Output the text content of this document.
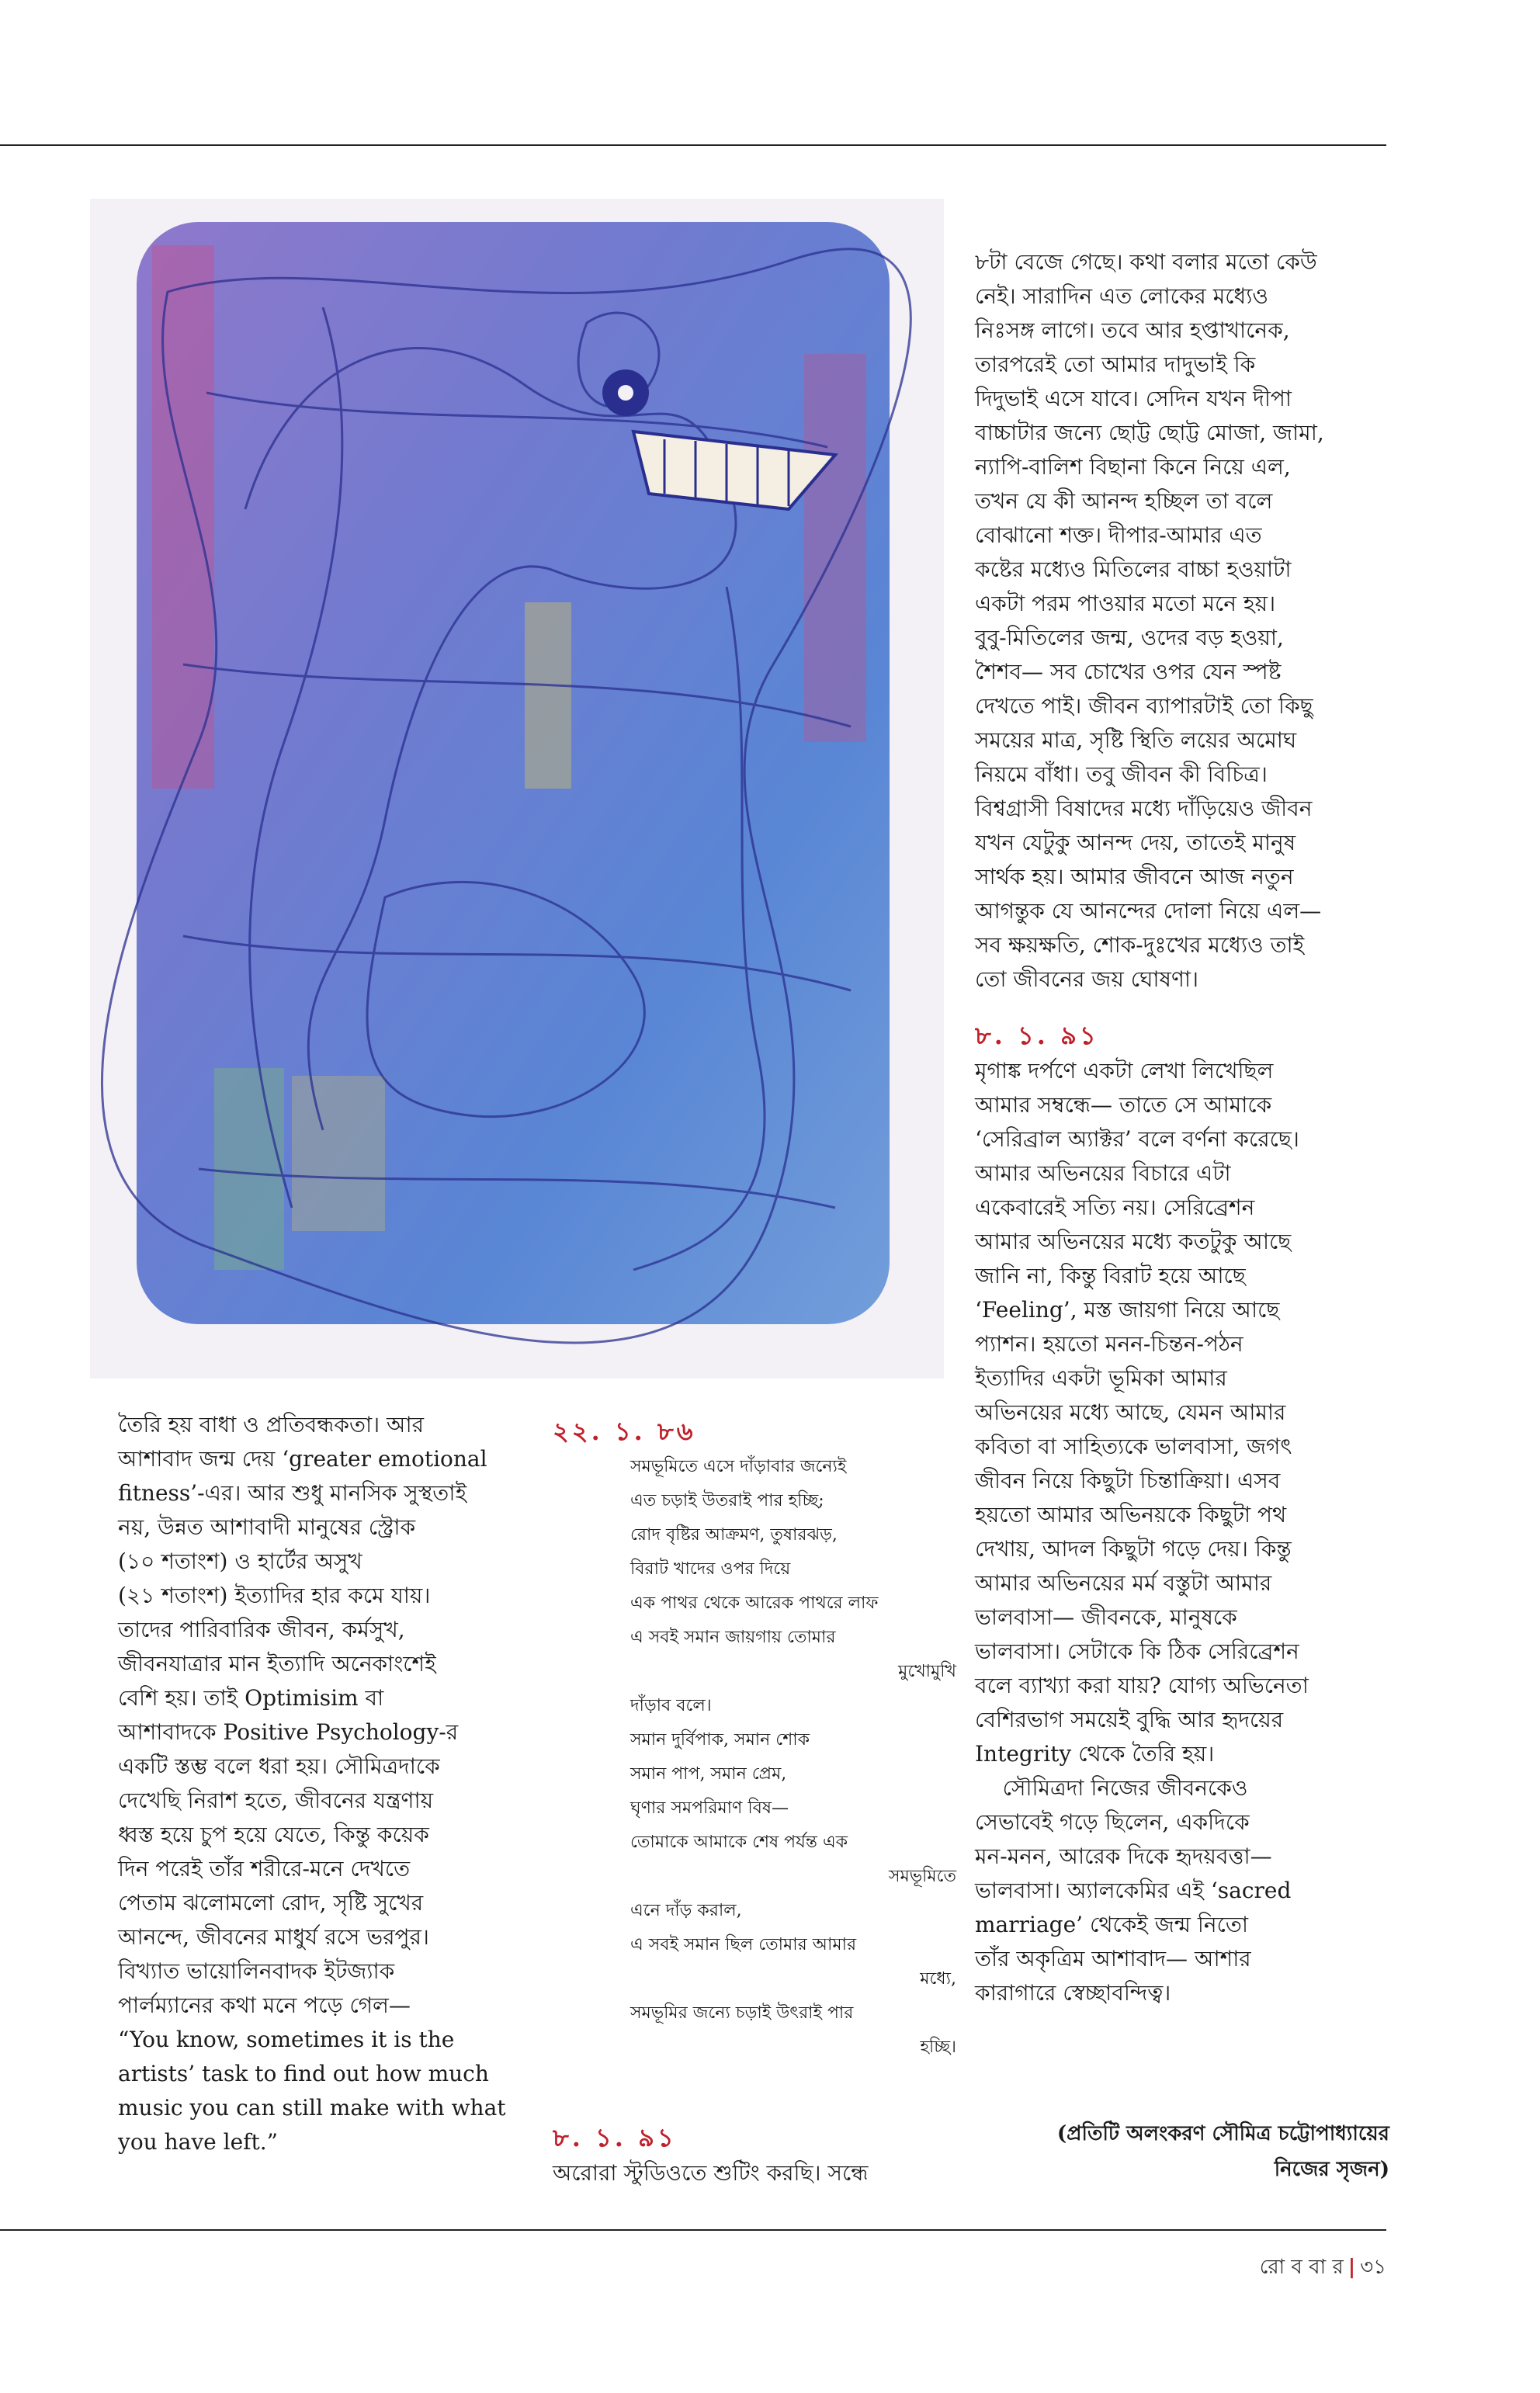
তৈরি হয় বাধা ও প্রতিবন্ধকতা। আর
আশাবাদ জন্ম দেয় ‘greater emotional
fitness’-এর। আর শুধু মানসিক সুস্থতাই
নয়, উন্নত আশাবাদী মানুষের স্ট্রোক
(১০ শতাংশ) ও হার্টের অসুখ
(২১ শতাংশ) ইত্যাদির হার কমে যায়।
তাদের পারিবারিক জীবন, কর্মসুখ,
জীবনযাত্রার মান ইত্যাদি অনেকাংশেই
বেশি হয়। তাই Optimisim বা
আশাবাদকে Positive Psychology-র
একটি স্তম্ভ বলে ধরা হয়। সৌমিত্রদাকে
দেখেছি নিরাশ হতে, জীবনের যন্ত্রণায়
ধ্বস্ত হয়ে চুপ হয়ে যেতে, কিন্তু কয়েক
দিন পরেই তাঁর শরীরে-মনে দেখতে
পেতাম ঝলোমলো রোদ, সৃষ্টি সুখের
আনন্দে, জীবনের মাধুর্য রসে ভরপুর।
বিখ্যাত ভায়োলিনবাদক ইটজ্যাক
পার্লম্যানের কথা মনে পড়ে গেল—
“You know, sometimes it is the
artists’ task to find out how much
music you can still make with what
you have left.”
২২. ১. ৮৬
সমভূমিতে এসে দাঁড়াবার জন্যেই
এত চড়াই উতরাই পার হচ্ছি;
রোদ বৃষ্টির আক্রমণ, তুষারঝড়,
বিরাট খাদের ওপর দিয়ে
এক পাথর থেকে আরেক পাথরে লাফ
এ সবই সমান জায়গায় তোমার
মুখোমুখি
দাঁড়াব বলে।
সমান দুর্বিপাক, সমান শোক
সমান পাপ, সমান প্রেম,
ঘৃণার সমপরিমাণ বিষ—
তোমাকে আমাকে শেষ পর্যন্ত এক
সমভূমিতে
এনে দাঁড় করাল,
এ সবই সমান ছিল তোমার আমার
মধ্যে,
সমভূমির জন্যে চড়াই উৎরাই পার
হচ্ছি।
৮. ১. ৯১
অরোরা স্টুডিওতে শুটিং করছি। সন্ধে
৮টা বেজে গেছে। কথা বলার মতো কেউ
নেই। সারাদিন এত লোকের মধ্যেও
নিঃসঙ্গ লাগে। তবে আর হপ্তাখানেক,
তারপরেই তো আমার দাদুভাই কি
দিদুভাই এসে যাবে। সেদিন যখন দীপা
বাচ্চাটার জন্যে ছোট্ট ছোট্ট মোজা, জামা,
ন্যাপি-বালিশ বিছানা কিনে নিয়ে এল,
তখন যে কী আনন্দ হচ্ছিল তা বলে
বোঝানো শক্ত। দীপার-আমার এত
কষ্টের মধ্যেও মিতিলের বাচ্চা হওয়াটা
একটা পরম পাওয়ার মতো মনে হয়।
বুবু-মিতিলের জন্ম, ওদের বড় হওয়া,
শৈশব— সব চোখের ওপর যেন স্পষ্ট
দেখতে পাই। জীবন ব্যাপারটাই তো কিছু
সময়ের মাত্র, সৃষ্টি স্থিতি লয়ের অমোঘ
নিয়মে বাঁধা। তবু জীবন কী বিচিত্র।
বিশ্বগ্রাসী বিষাদের মধ্যে দাঁড়িয়েও জীবন
যখন যেটুকু আনন্দ দেয়, তাতেই মানুষ
সার্থক হয়। আমার জীবনে আজ নতুন
আগন্তুক যে আনন্দের দোলা নিয়ে এল—
সব ক্ষয়ক্ষতি, শোক-দুঃখের মধ্যেও তাই
তো জীবনের জয় ঘোষণা।
৮. ১. ৯১
মৃগাঙ্ক দর্পণে একটা লেখা লিখেছিল
আমার সম্বন্ধে— তাতে সে আমাকে
‘সেরিব্রাল অ্যাক্টর’ বলে বর্ণনা করেছে।
আমার অভিনয়ের বিচারে এটা
একেবারেই সত্যি নয়। সেরিব্রেশন
আমার অভিনয়ের মধ্যে কতটুকু আছে
জানি না, কিন্তু বিরাট হয়ে আছে
‘Feeling’, মস্ত জায়গা নিয়ে আছে
প্যাশন। হয়তো মনন-চিন্তন-পঠন
ইত্যাদির একটা ভূমিকা আমার
অভিনয়ের মধ্যে আছে, যেমন আমার
কবিতা বা সাহিত্যকে ভালবাসা, জগৎ
জীবন নিয়ে কিছুটা চিন্তাক্রিয়া। এসব
হয়তো আমার অভিনয়কে কিছুটা পথ
দেখায়, আদল কিছুটা গড়ে দেয়। কিন্তু
আমার অভিনয়ের মর্ম বস্তুটা আমার
ভালবাসা— জীবনকে, মানুষকে
ভালবাসা। সেটাকে কি ঠিক সেরিব্রেশন
বলে ব্যাখ্যা করা যায়? যোগ্য অভিনেতা
বেশিরভাগ সময়েই বুদ্ধি আর হৃদয়ের
Integrity থেকে তৈরি হয়।
সৌমিত্রদা নিজের জীবনকেও
সেভাবেই গড়ে ছিলেন, একদিকে
মন-মনন, আরেক দিকে হৃদয়বত্তা—
ভালবাসা। অ্যালকেমির এই ‘sacred
marriage’ থেকেই জন্ম নিতো
তাঁর অকৃত্রিম আশাবাদ— আশার
কারাগারে স্বেচ্ছাবন্দিত্ব।
(প্রতিটি অলংকরণ সৌমিত্র চট্টোপাধ্যায়ের
নিজের সৃজন)
রো ব বা র | ৩১
